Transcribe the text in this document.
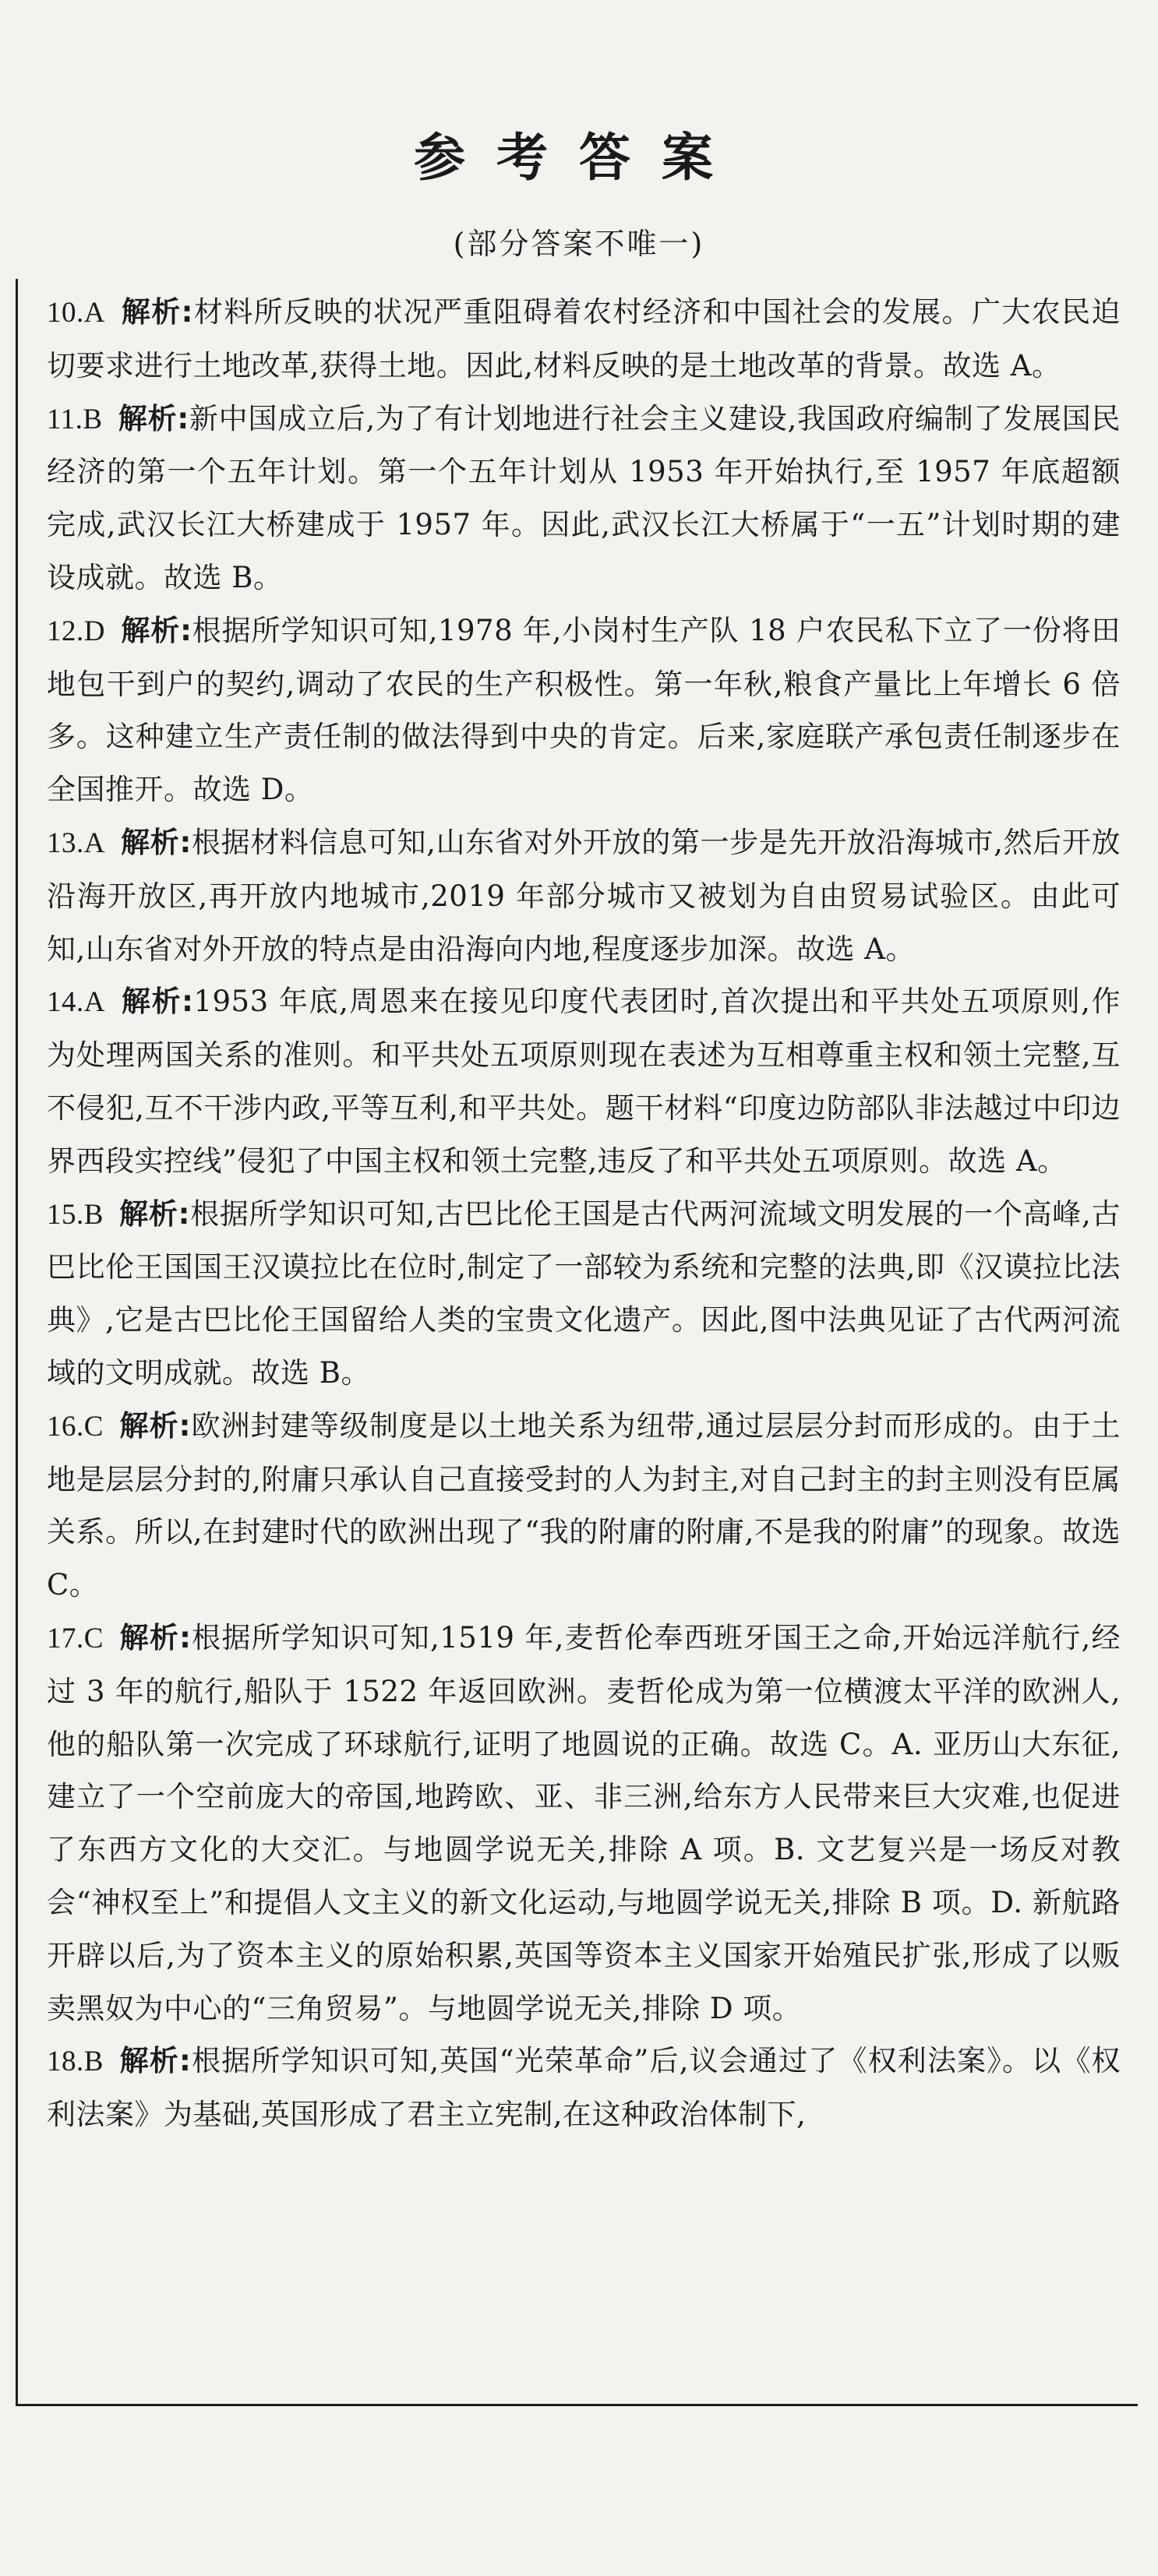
参考答案
(部分答案不唯一)

10.A 解析:材料所反映的状况严重阻碍着农村经济和中国社会的发展。广大农民迫切要求进行土地改革,获得土地。因此,材料反映的是土地改革的背景。故选 A。

11.B 解析:新中国成立后,为了有计划地进行社会主义建设,我国政府编制了发展国民经济的第一个五年计划。第一个五年计划从 1953 年开始执行,至 1957 年底超额完成,武汉长江大桥建成于 1957 年。因此,武汉长江大桥属于“一五”计划时期的建设成就。故选 B。

12.D 解析:根据所学知识可知,1978 年,小岗村生产队 18 户农民私下立了一份将田地包干到户的契约,调动了农民的生产积极性。第一年秋,粮食产量比上年增长 6 倍多。这种建立生产责任制的做法得到中央的肯定。后来,家庭联产承包责任制逐步在全国推开。故选 D。

13.A 解析:根据材料信息可知,山东省对外开放的第一步是先开放沿海城市,然后开放沿海开放区,再开放内地城市,2019 年部分城市又被划为自由贸易试验区。由此可知,山东省对外开放的特点是由沿海向内地,程度逐步加深。故选 A。

14.A 解析:1953 年底,周恩来在接见印度代表团时,首次提出和平共处五项原则,作为处理两国关系的准则。和平共处五项原则现在表述为互相尊重主权和领土完整,互不侵犯,互不干涉内政,平等互利,和平共处。题干材料“印度边防部队非法越过中印边界西段实控线”侵犯了中国主权和领土完整,违反了和平共处五项原则。故选 A。

15.B 解析:根据所学知识可知,古巴比伦王国是古代两河流域文明发展的一个高峰,古巴比伦王国国王汉谟拉比在位时,制定了一部较为系统和完整的法典,即《汉谟拉比法典》,它是古巴比伦王国留给人类的宝贵文化遗产。因此,图中法典见证了古代两河流域的文明成就。故选 B。

16.C 解析:欧洲封建等级制度是以土地关系为纽带,通过层层分封而形成的。由于土地是层层分封的,附庸只承认自己直接受封的人为封主,对自己封主的封主则没有臣属关系。所以,在封建时代的欧洲出现了“我的附庸的附庸,不是我的附庸”的现象。故选 C。

17.C 解析:根据所学知识可知,1519 年,麦哲伦奉西班牙国王之命,开始远洋航行,经过 3 年的航行,船队于 1522 年返回欧洲。麦哲伦成为第一位横渡太平洋的欧洲人,他的船队第一次完成了环球航行,证明了地圆说的正确。故选 C。A. 亚历山大东征,建立了一个空前庞大的帝国,地跨欧、亚、非三洲,给东方人民带来巨大灾难,也促进了东西方文化的大交汇。与地圆学说无关,排除 A 项。B. 文艺复兴是一场反对教会“神权至上”和提倡人文主义的新文化运动,与地圆学说无关,排除 B 项。D. 新航路开辟以后,为了资本主义的原始积累,英国等资本主义国家开始殖民扩张,形成了以贩卖黑奴为中心的“三角贸易”。与地圆学说无关,排除 D 项。

18.B 解析:根据所学知识可知,英国“光荣革命”后,议会通过了《权利法案》。以《权利法案》为基础,英国形成了君主立宪制,在这种政治体制下,
